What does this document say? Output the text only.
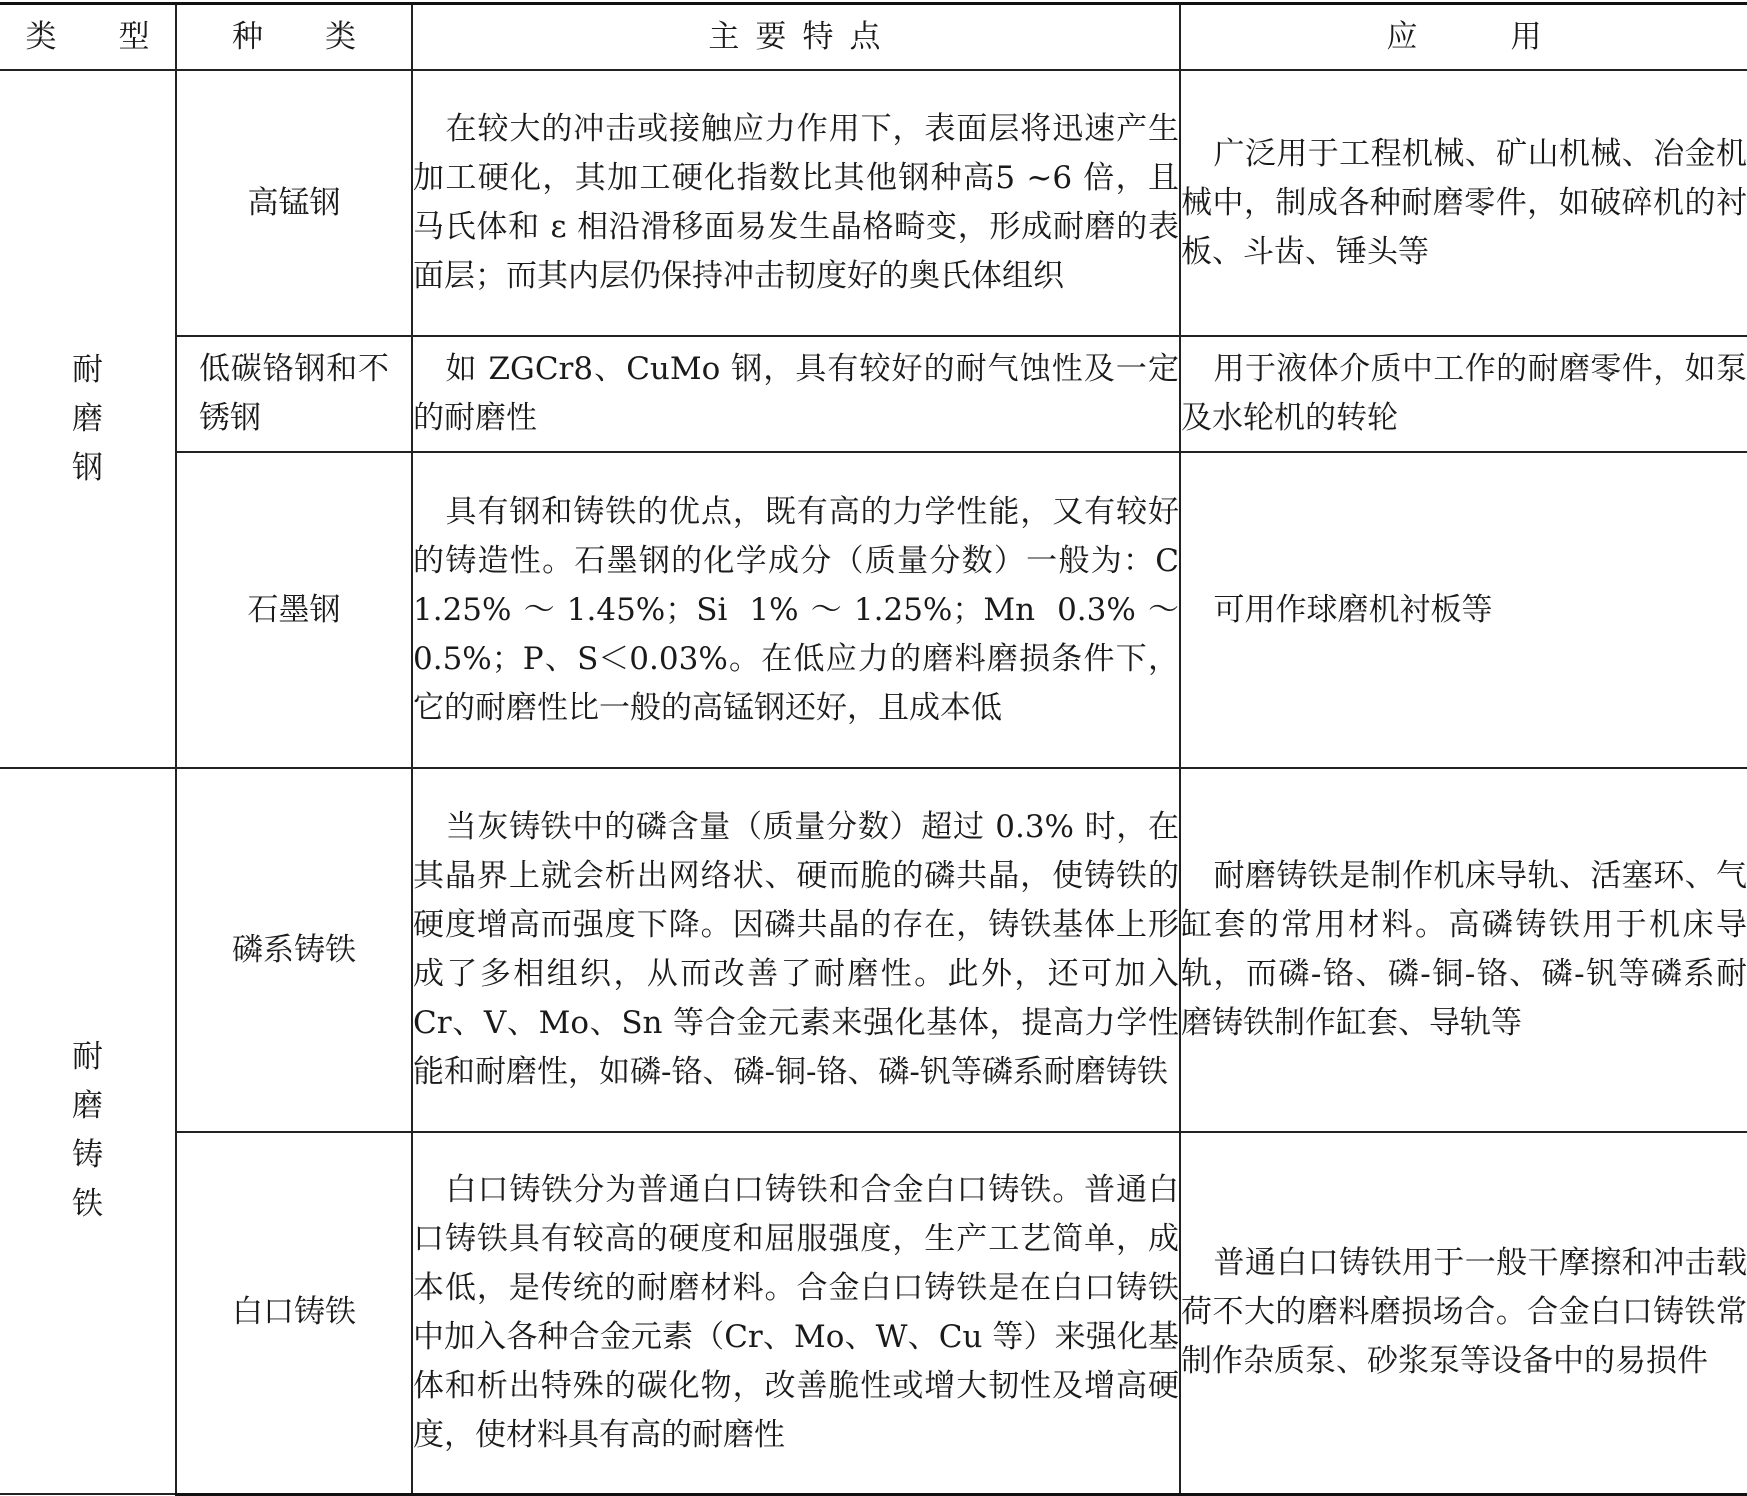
类　　型	种　　类	主 要 特 点	应　　　用
耐磨钢	高锰钢	在较大的冲击或接触应力作用下，表面层将迅速产生加工硬化，其加工硬化指数比其他钢种高5 ~6 倍，且马氏体和 ε 相沿滑移面易发生晶格畸变，形成耐磨的表面层；而其内层仍保持冲击韧度好的奥氏体组织	广泛用于工程机械、矿山机械、冶金机械中，制成各种耐磨零件，如破碎机的衬板、斗齿、锤头等

	低碳铬钢和不锈钢	如 ZGCr8、CuMo 钢，具有较好的耐气蚀性及一定的耐磨性	用于液体介质中工作的耐磨零件，如泵及水轮机的转轮

	石墨钢	具有钢和铸铁的优点，既有高的力学性能，又有较好的铸造性。石墨钢的化学成分（质量分数）一般为：C 1.25%～1.45%；Si 1%～1.25%；Mn 0.3%～0.5%；P、S＜0.03%。在低应力的磨料磨损条件下，它的耐磨性比一般的高锰钢还好，且成本低	可用作球磨机衬板等

耐磨铸铁	磷系铸铁	当灰铸铁中的磷含量（质量分数）超过 0.3% 时，在其晶界上就会析出网络状、硬而脆的磷共晶，使铸铁的硬度增高而强度下降。因磷共晶的存在，铸铁基体上形成了多相组织，从而改善了耐磨性。此外，还可加入 Cr、V、Mo、Sn 等合金元素来强化基体，提高力学性能和耐磨性，如磷-铬、磷-铜-铬、磷-钒等磷系耐磨铸铁	耐磨铸铁是制作机床导轨、活塞环、气缸套的常用材料。高磷铸铁用于机床导轨，而磷-铬、磷-铜-铬、磷-钒等磷系耐磨铸铁制作缸套、导轨等

	白口铸铁	白口铸铁分为普通白口铸铁和合金白口铸铁。普通白口铸铁具有较高的硬度和屈服强度，生产工艺简单，成本低，是传统的耐磨材料。合金白口铸铁是在白口铸铁中加入各种合金元素（Cr、Mo、W、Cu 等）来强化基体和析出特殊的碳化物，改善脆性或增大韧性及增高硬度，使材料具有高的耐磨性	普通白口铸铁用于一般干摩擦和冲击载荷不大的磨料磨损场合。合金白口铸铁常制作杂质泵、砂浆泵等设备中的易损件
